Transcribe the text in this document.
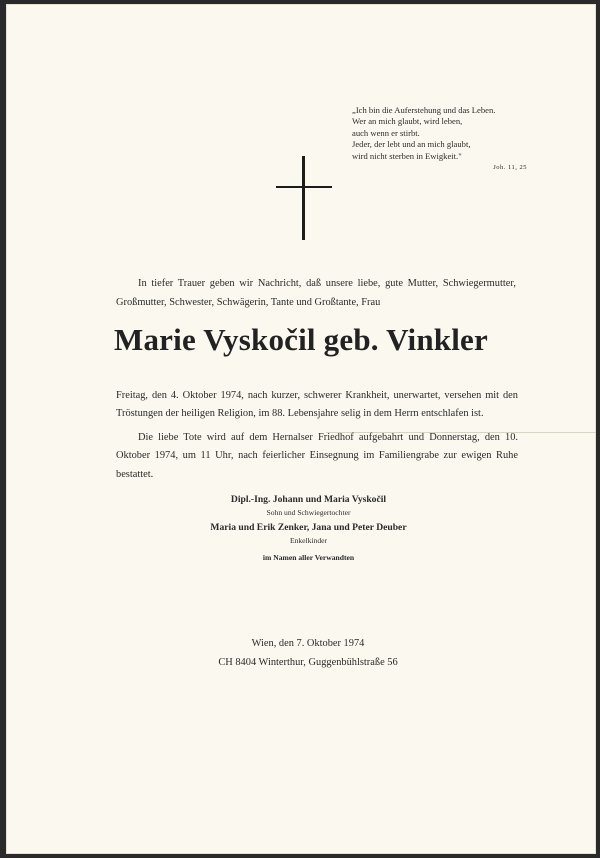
„Ich bin die Auferstehung und das Leben.
Wer an mich glaubt, wird leben,
auch wenn er stirbt.
Jeder, der lebt und an mich glaubt,
wird nicht sterben in Ewigkeit."
Joh. 11, 25
In tiefer Trauer geben wir Nachricht, daß unsere liebe, gute Mutter, Schwiegermutter, Großmutter, Schwester, Schwägerin, Tante und Großtante, Frau
Marie Vyskočil geb. Vinkler
Freitag, den 4. Oktober 1974, nach kurzer, schwerer Krankheit, unerwartet, versehen mit den Tröstungen der heiligen Religion, im 88. Lebensjahre selig in dem Herrn entschlafen ist.
Die liebe Tote wird auf dem Hernalser Friedhof aufgebahrt und Donnerstag, den 10. Oktober 1974, um 11 Uhr, nach feierlicher Einsegnung im Familiengrabe zur ewigen Ruhe bestattet.
Dipl.-Ing. Johann und Maria Vyskočil
Sohn und Schwiegertochter
Maria und Erik Zenker, Jana und Peter Deuber
Enkelkinder
im Namen aller Verwandten
Wien, den 7. Oktober 1974
CH 8404 Winterthur, Guggenbühlstraße 56
